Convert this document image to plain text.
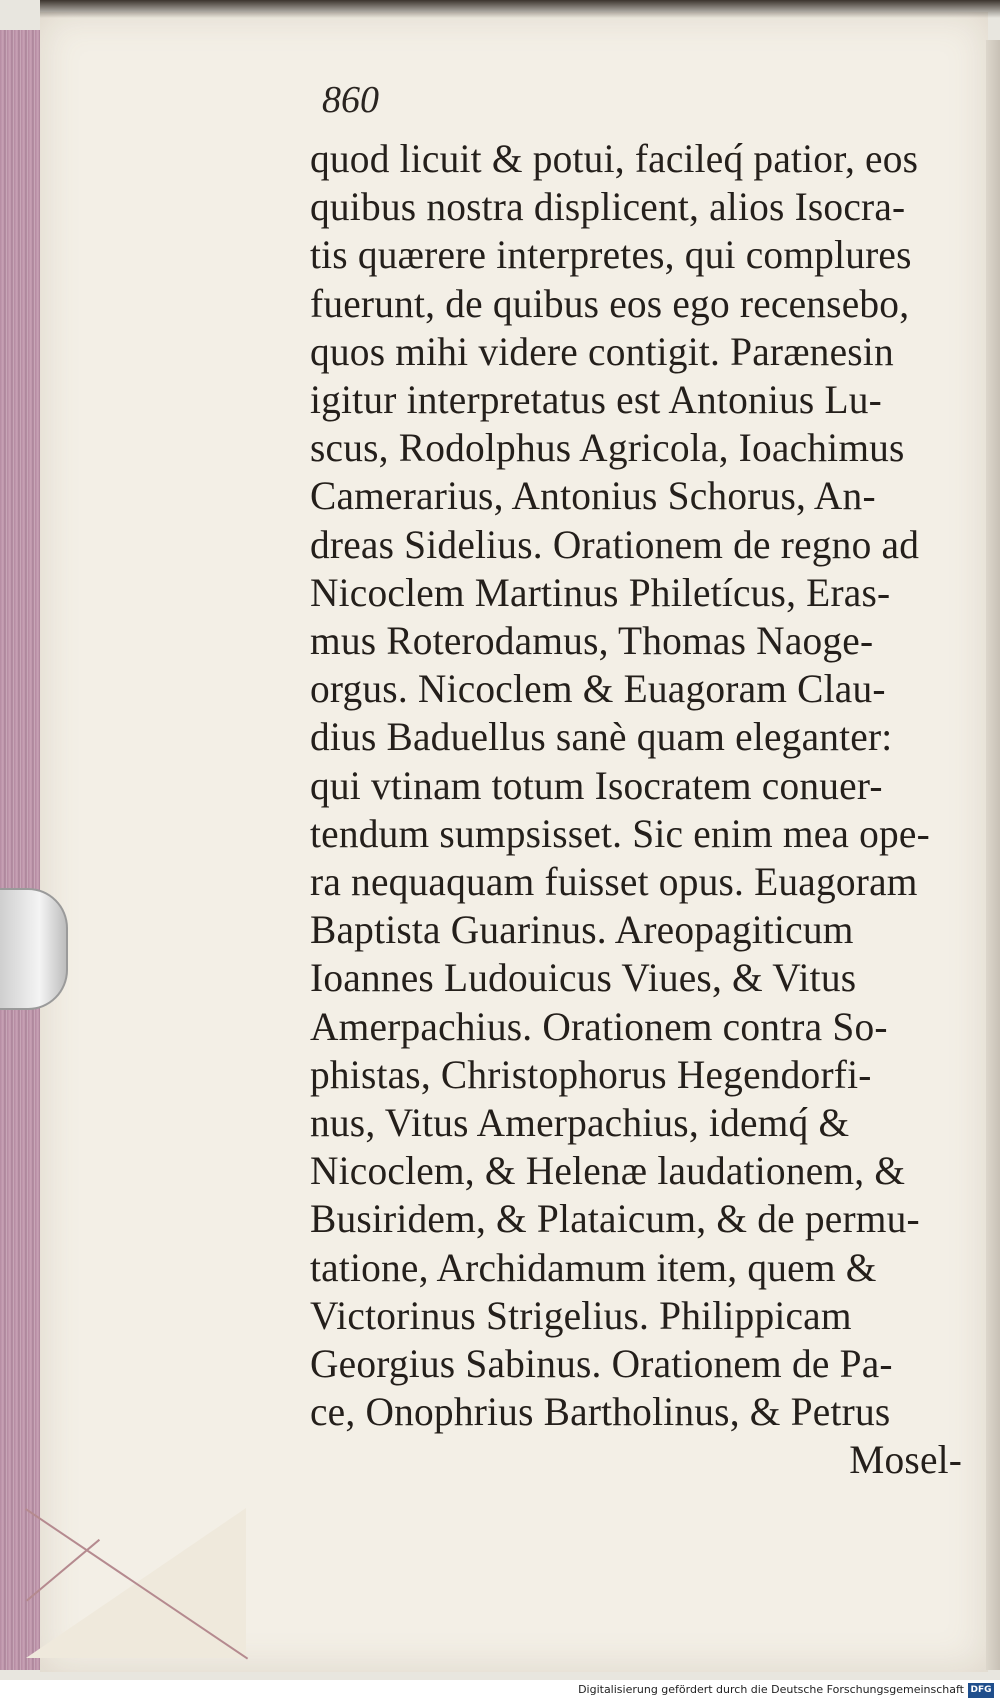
860
quod licuit & potui, facileq́ patior, eos
quibus nostra displicent, alios Isocra-
tis quærere interpretes, qui complures
fuerunt, de quibus eos ego recensebo,
quos mihi videre contigit. Parænesin
igitur interpretatus est Antonius Lu-
scus, Rodolphus Agricola, Ioachimus
Camerarius, Antonius Schorus, An-
dreas Sidelius. Orationem de regno ad
Nicoclem Martinus Philetícus, Eras-
mus Roterodamus, Thomas Naoge-
orgus. Nicoclem & Euagoram Clau-
dius Baduellus sanè quam eleganter:
qui vtinam totum Isocratem conuer-
tendum sumpsisset. Sic enim mea ope-
ra nequaquam fuisset opus. Euagoram
Baptista Guarinus. Areopagiticum
Ioannes Ludouicus Viues, & Vitus
Amerpachius. Orationem contra So-
phistas, Christophorus Hegendorfi-
nus, Vitus Amerpachius, idemq́ &
Nicoclem, & Helenæ laudationem, &
Busiridem, & Plataicum, & de permu-
tatione, Archidamum item, quem &
Victorinus Strigelius. Philippicam
Georgius Sabinus. Orationem de Pa-
ce, Onophrius Bartholinus, & Petrus
Mosel-
Digitalisierung gefördert durch die Deutsche Forschungsgemeinschaft DFG
